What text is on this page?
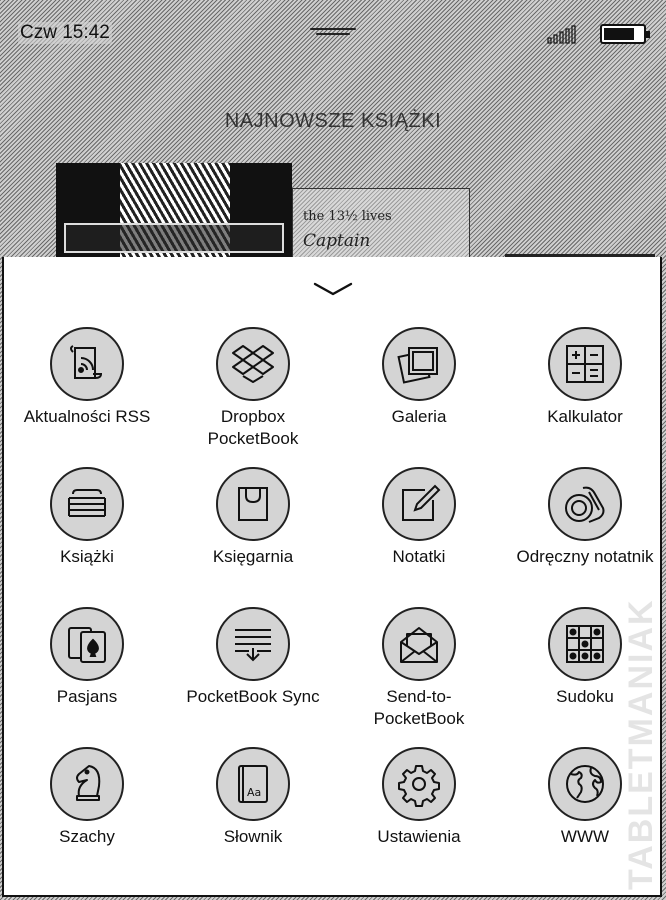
Czw 15:42
NAJNOWSZE KSIĄŻKI
the 13½ lives
Captain
Aktualności RSS	Dropbox
PocketBook
Galeria	Kalkulator
Książki	Księgarnia	Notatki	Odręczny notatnik
Pasjans	PocketBook Sync	Send-to-
PocketBook
Sudoku
Szachy
Aa
Słownik	Ustawienia	WWW TABLETMANIAK
